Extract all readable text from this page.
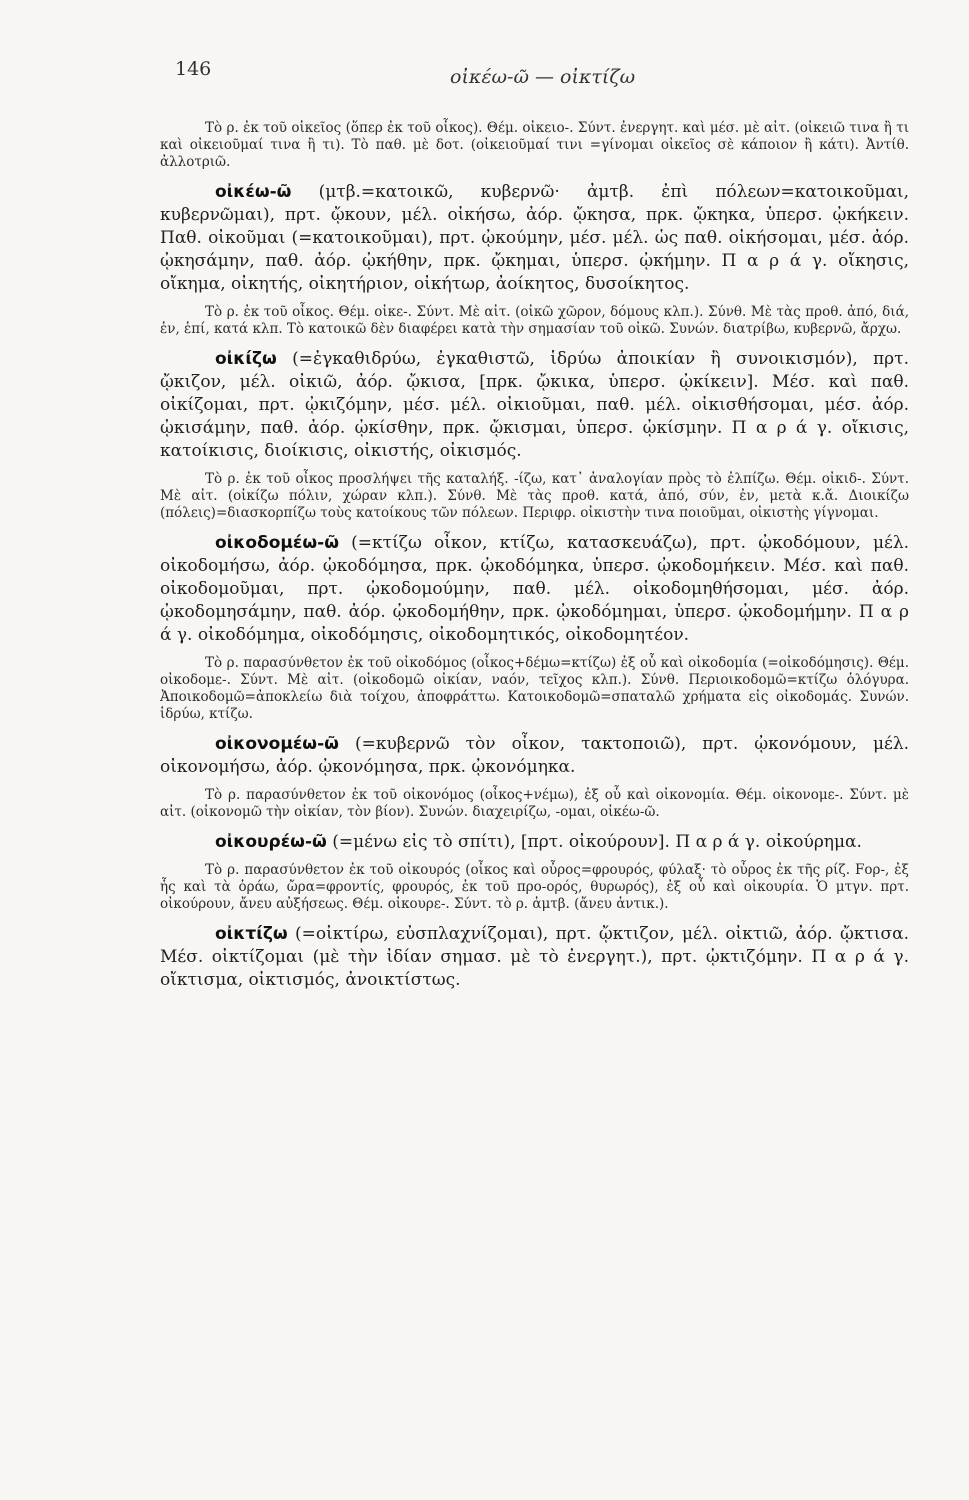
146	οἰκέω-ῶ — οἰκτίζω

Τὸ ρ. ἐκ τοῦ οἰκεῖος (ὅπερ ἐκ τοῦ οἶκος). Θέμ. οἰκειο-. Σύντ. ἐνεργητ. καὶ μέσ. μὲ αἰτ. (οἰκειῶ τινα ἢ τι καὶ οἰκειοῦμαί τινα ἢ τι). Τὸ παθ. μὲ δοτ. (οἰκειοῦμαί τινι =γίνομαι οἰκεῖος σὲ κάποιον ἢ κάτι). Ἀντίθ. ἀλλοτριῶ.

οἰκέω-ῶ (μτβ.=κατοικῶ, κυβερνῶ· ἀμτβ. ἐπὶ πόλεων=κατοικοῦμαι, κυβερνῶμαι), πρτ. ᾤκουν, μέλ. οἰκήσω, ἀόρ. ᾤκησα, πρκ. ᾤκηκα, ὑπερσ. ᾠκήκειν. Παθ. οἰκοῦμαι (=κατοικοῦμαι), πρτ. ᾠκούμην, μέσ. μέλ. ὡς παθ. οἰκήσομαι, μέσ. ἀόρ. ᾠκησάμην, παθ. ἀόρ. ᾠκήθην, πρκ. ᾤκημαι, ὑπερσ. ᾠκήμην. Π α ρ ά γ. οἴκησις, οἴκημα, οἰκητής, οἰκητήριον, οἰκήτωρ, ἀοίκητος, δυσοίκητος.

Τὸ ρ. ἐκ τοῦ οἶκος. Θέμ. οἰκε-. Σύντ. Μὲ αἰτ. (οἰκῶ χῶρον, δόμους κλπ.). Σύνθ. Μὲ τὰς προθ. ἀπό, διά, ἐν, ἐπί, κατά κλπ. Τὸ κατοικῶ δὲν διαφέρει κατὰ τὴν σημασίαν τοῦ οἰκῶ. Συνών. διατρίβω, κυβερνῶ, ἄρχω.

οἰκίζω (=ἐγκαθιδρύω, ἐγκαθιστῶ, ἱδρύω ἀποικίαν ἢ συνοικισμόν), πρτ. ᾤκιζον, μέλ. οἰκιῶ, ἀόρ. ᾤκισα, [πρκ. ᾤκικα, ὑπερσ. ᾠκίκειν]. Μέσ. καὶ παθ. οἰκίζομαι, πρτ. ᾠκιζόμην, μέσ. μέλ. οἰκιοῦμαι, παθ. μέλ. οἰκισθήσομαι, μέσ. ἀόρ. ᾠκισάμην, παθ. ἀόρ. ᾠκίσθην, πρκ. ᾤκισμαι, ὑπερσ. ᾠκίσμην. Π α ρ ά γ. οἴκισις, κατοίκισις, διοίκισις, οἰκιστής, οἰκισμός.

Τὸ ρ. ἐκ τοῦ οἶκος προσλήψει τῆς καταλήξ. -ίζω, κατ᾽ ἀναλογίαν πρὸς τὸ ἐλπίζω. Θέμ. οἰκιδ-. Σύντ. Μὲ αἰτ. (οἰκίζω πόλιν, χώραν κλπ.). Σύνθ. Μὲ τὰς προθ. κατά, ἀπό, σύν, ἐν, μετὰ κ.ἄ. Διοικίζω (πόλεις)=διασκορπίζω τοὺς κατοίκους τῶν πόλεων. Περιφρ. οἰκιστὴν τινα ποιοῦμαι, οἰκιστὴς γίγνομαι.

οἰκοδομέω-ῶ (=κτίζω οἶκον, κτίζω, κατασκευάζω), πρτ. ᾠκοδόμουν, μέλ. οἰκοδομήσω, ἀόρ. ᾠκοδόμησα, πρκ. ᾠκοδόμηκα, ὑπερσ. ᾠκοδομήκειν. Μέσ. καὶ παθ. οἰκοδομοῦμαι, πρτ. ᾠκοδομούμην, παθ. μέλ. οἰκοδομηθήσομαι, μέσ. ἀόρ. ᾠκοδομησάμην, παθ. ἀόρ. ᾠκοδομήθην, πρκ. ᾠκοδόμημαι, ὑπερσ. ᾠκοδομήμην. Π α ρ ά γ. οἰκοδόμημα, οἰκοδόμησις, οἰκοδομητικός, οἰκοδομητέον.

Τὸ ρ. παρασύνθετον ἐκ τοῦ οἰκοδόμος (οἶκος+δέμω=κτίζω) ἐξ οὗ καὶ οἰκοδομία (=οἰκοδόμησις). Θέμ. οἰκοδομε-. Σύντ. Μὲ αἰτ. (οἰκοδομῶ οἰκίαν, ναόν, τεῖχος κλπ.). Σύνθ. Περιοικοδομῶ=κτίζω ὁλόγυρα. Ἀποικοδομῶ=ἀποκλείω διὰ τοίχου, ἀποφράττω. Κατοικοδομῶ=σπαταλῶ χρήματα εἰς οἰκοδομάς. Συνών. ἱδρύω, κτίζω.

οἰκονομέω-ῶ (=κυβερνῶ τὸν οἶκον, τακτοποιῶ), πρτ. ᾠκονόμουν, μέλ. οἰκονομήσω, ἀόρ. ᾠκονόμησα, πρκ. ᾠκονόμηκα.

Τὸ ρ. παρασύνθετον ἐκ τοῦ οἰκονόμος (οἶκος+νέμω), ἐξ οὗ καὶ οἰκονομία. Θέμ. οἰκονομε-. Σύντ. μὲ αἰτ. (οἰκονομῶ τὴν οἰκίαν, τὸν βίον). Συνών. διαχειρίζω, -ομαι, οἰκέω-ῶ.

οἰκουρέω-ῶ (=μένω εἰς τὸ σπίτι), [πρτ. οἰκούρουν]. Π α ρ ά γ. οἰκούρημα.

Τὸ ρ. παρασύνθετον ἐκ τοῦ οἰκουρός (οἶκος καὶ οὖρος=φρουρός, φύλαξ· τὸ οὖρος ἐκ τῆς ρίζ. Fορ-, ἐξ ἧς καὶ τὰ ὁράω, ὤρα=φροντίς, φρουρός, ἐκ τοῦ προ-ορός, θυρωρός), ἐξ οὗ καὶ οἰκουρία. Ὁ μτγν. πρτ. οἰκούρουν, ἄνευ αὐξήσεως. Θέμ. οἰκουρε-. Σύντ. τὸ ρ. ἀμτβ. (ἄνευ ἀντικ.).

οἰκτίζω (=οἰκτίρω, εὐσπλαχνίζομαι), πρτ. ᾤκτιζον, μέλ. οἰκτιῶ, ἀόρ. ᾤκτισα. Μέσ. οἰκτίζομαι (μὲ τὴν ἰδίαν σημασ. μὲ τὸ ἐνεργητ.), πρτ. ᾠκτιζόμην. Π α ρ ά γ. οἴκτισμα, οἰκτισμός, ἀνοικτίστως.
